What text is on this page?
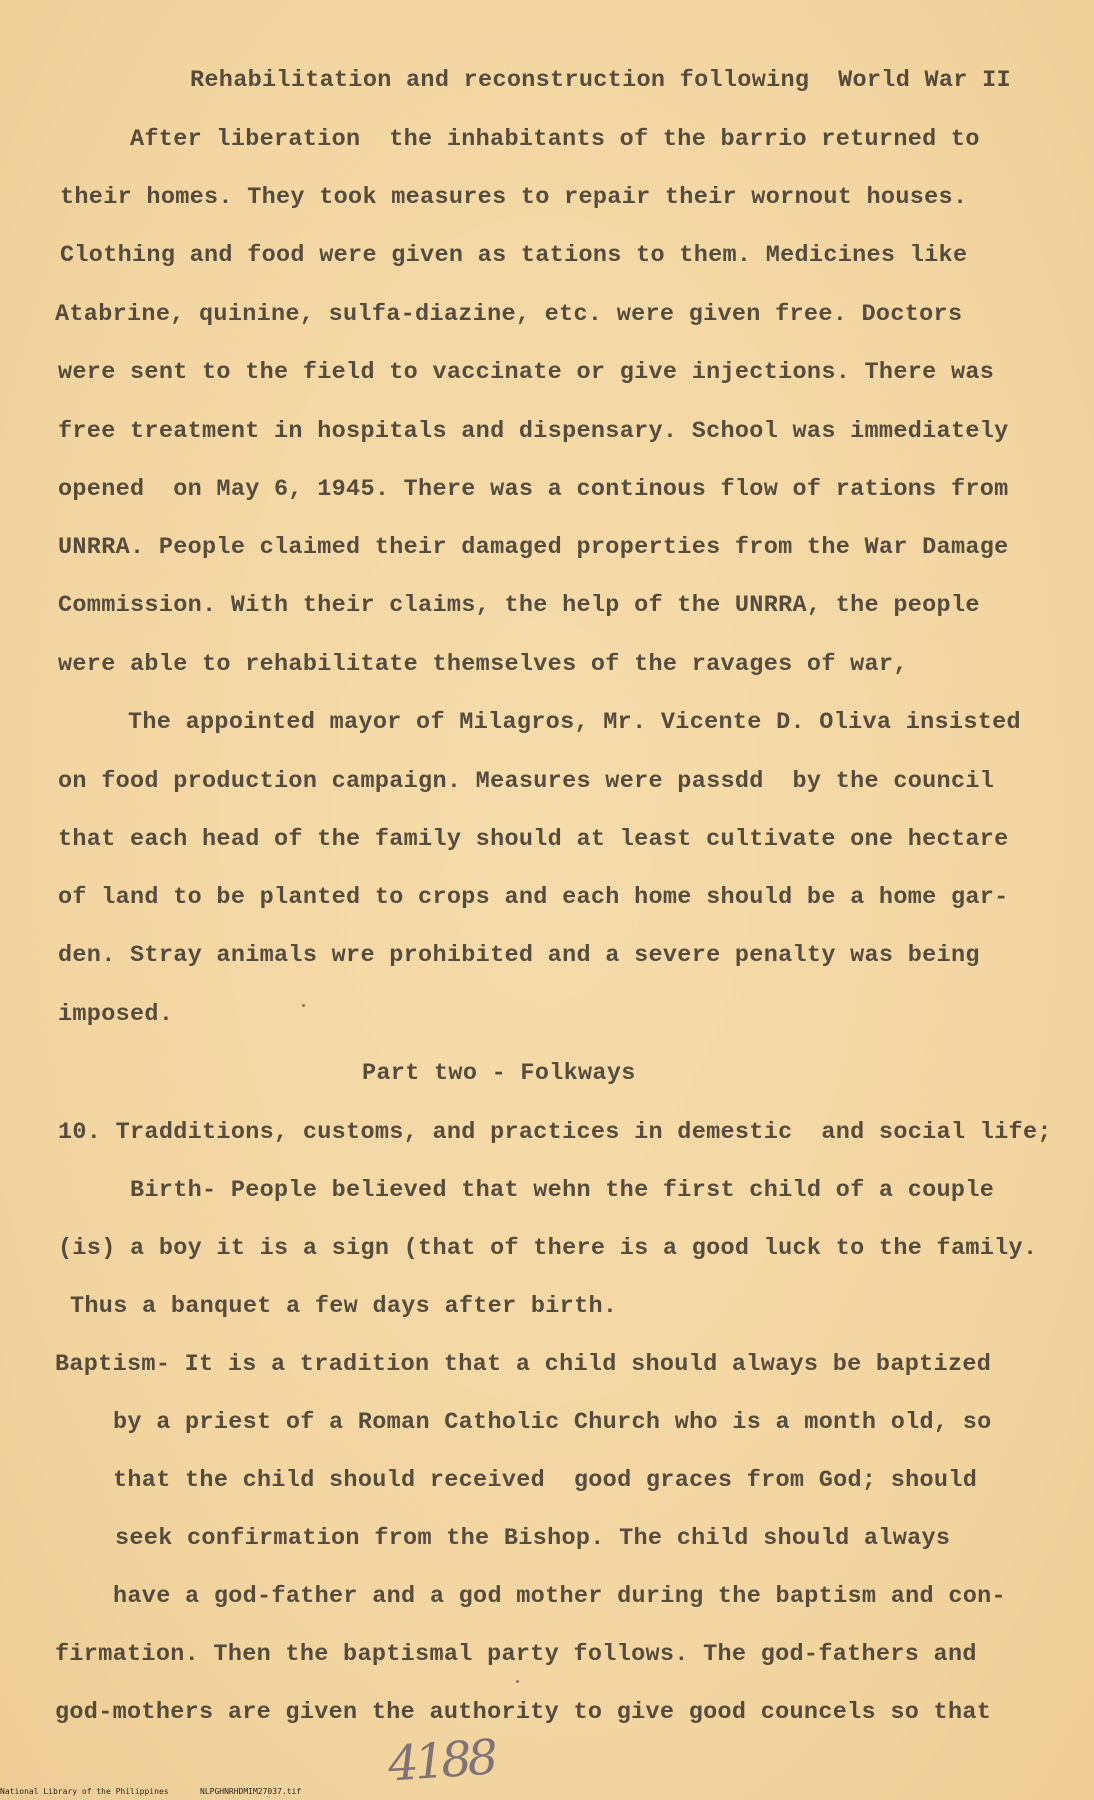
Rehabilitation and reconstruction following  World War II
After liberation  the inhabitants of the barrio returned to
their homes. They took measures to repair their wornout houses.
Clothing and food were given as tations to them. Medicines like
Atabrine, quinine, sulfa-diazine, etc. were given free. Doctors
were sent to the field to vaccinate or give injections. There was
free treatment in hospitals and dispensary. School was immediately
opened  on May 6, 1945. There was a continous flow of rations from
UNRRA. People claimed their damaged properties from the War Damage
Commission. With their claims, the help of the UNRRA, the people
were able to rehabilitate themselves of the ravages of war,
The appointed mayor of Milagros, Mr. Vicente D. Oliva insisted
on food production campaign. Measures were passdd  by the council
that each head of the family should at least cultivate one hectare
of land to be planted to crops and each home should be a home gar-
den. Stray animals wre prohibited and a severe penalty was being
imposed.
Part two - Folkways
10. Tradditions, customs, and practices in demestic  and social life;
Birth- People believed that wehn the first child of a couple
(is) a boy it is a sign (that of there is a good luck to the family.
Thus a banquet a few days after birth.
Baptism- It is a tradition that a child should always be baptized
by a priest of a Roman Catholic Church who is a month old, so
that the child should received  good graces from God; should
seek confirmation from the Bishop. The child should always
have a god-father and a god mother during the baptism and con-
firmation. Then the baptismal party follows. The god-fathers and
god-mothers are given the authority to give good councels so that
4188
National Library of the Philippines	NLPGHNRHDMIM27037.tif
